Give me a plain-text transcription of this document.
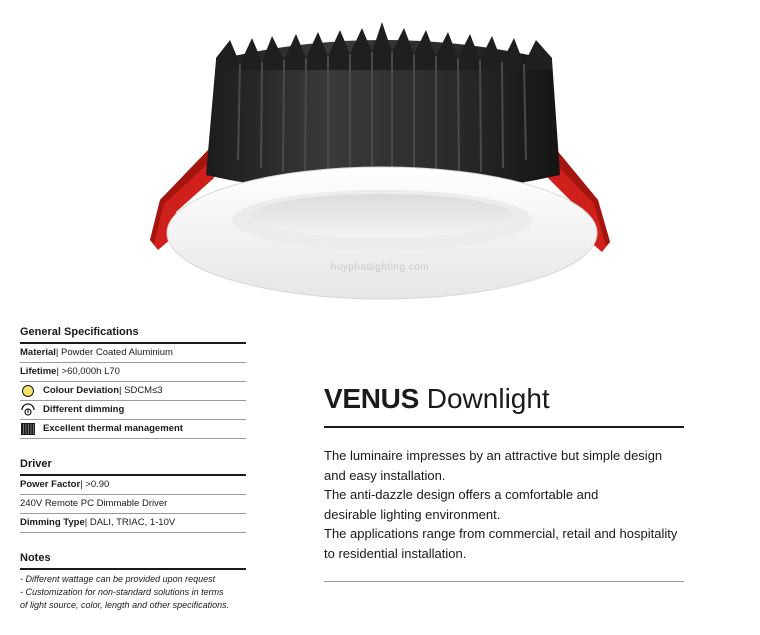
huyphatlighting.com
General Specifications
Material | Powder Coated Aluminium
Lifetime | >60,000h L70
Colour Deviation | SDCM≤3
Different dimming
Excellent thermal management
Driver
Power Factor | >0.90
240V Remote PC Dimmable Driver
Dimming Type | DALI, TRIAC, 1-10V
Notes

- Different wattage can be provided upon request

- Customization for non-standard solutions in terms

of light source, color, length and other specifications.

VENUS Downlight

The luminaire impresses by an attractive but simple design

and easy installation.

The anti-dazzle design offers a comfortable and

desirable lighting environment.

The applications range from commercial, retail and hospitality

to residential installation.
